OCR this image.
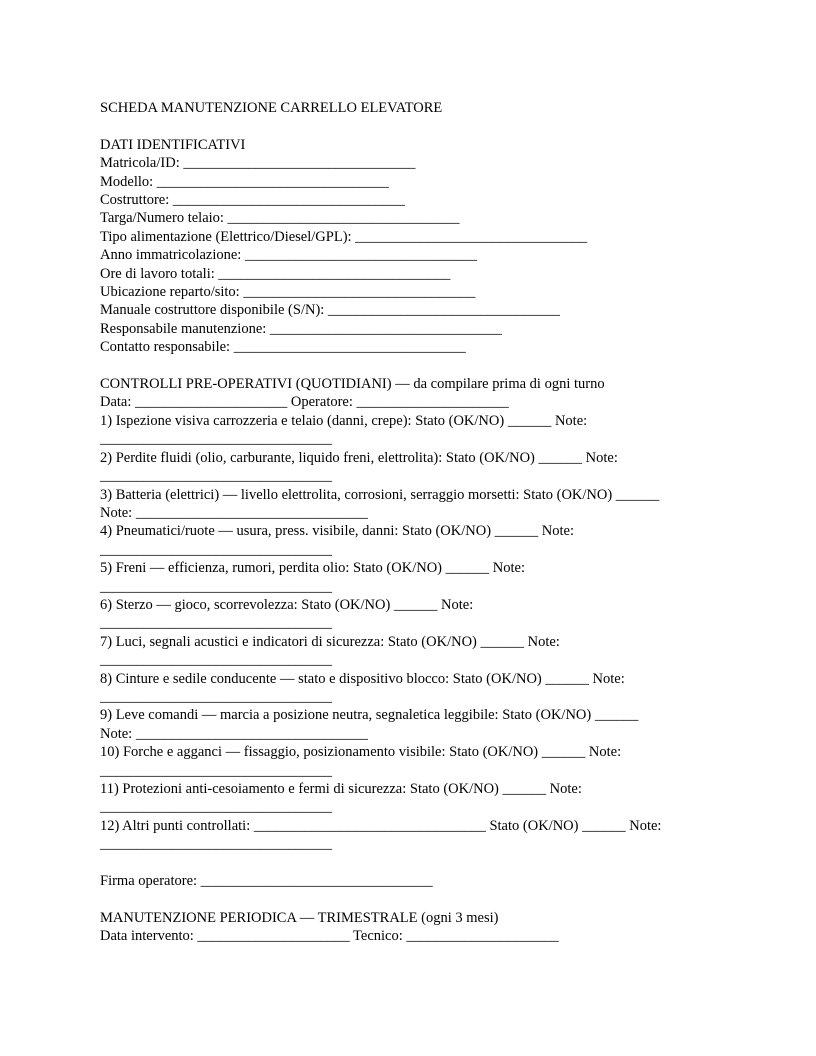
SCHEDA MANUTENZIONE CARRELLO ELEVATORE
DATI IDENTIFICATIVI
Matricola/ID: ________________________________
Modello: ________________________________
Costruttore: ________________________________
Targa/Numero telaio: ________________________________
Tipo alimentazione (Elettrico/Diesel/GPL): ________________________________
Anno immatricolazione: ________________________________
Ore di lavoro totali: ________________________________
Ubicazione reparto/sito: ________________________________
Manuale costruttore disponibile (S/N): ________________________________
Responsabile manutenzione: ________________________________
Contatto responsabile: ________________________________
CONTROLLI PRE-OPERATIVI (QUOTIDIANI) — da compilare prima di ogni turno
Data: _____________________ Operatore: _____________________
1) Ispezione visiva carrozzeria e telaio (danni, crepe): Stato (OK/NO) ______ Note:
________________________________
2) Perdite fluidi (olio, carburante, liquido freni, elettrolita): Stato (OK/NO) ______ Note:
________________________________
3) Batteria (elettrici) — livello elettrolita, corrosioni, serraggio morsetti: Stato (OK/NO) ______
Note: ________________________________
4) Pneumatici/ruote — usura, press. visibile, danni: Stato (OK/NO) ______ Note:
________________________________
5) Freni — efficienza, rumori, perdita olio: Stato (OK/NO) ______ Note:
________________________________
6) Sterzo — gioco, scorrevolezza: Stato (OK/NO) ______ Note:
________________________________
7) Luci, segnali acustici e indicatori di sicurezza: Stato (OK/NO) ______ Note:
________________________________
8) Cinture e sedile conducente — stato e dispositivo blocco: Stato (OK/NO) ______ Note:
________________________________
9) Leve comandi — marcia a posizione neutra, segnaletica leggibile: Stato (OK/NO) ______
Note: ________________________________
10) Forche e agganci — fissaggio, posizionamento visibile: Stato (OK/NO) ______ Note:
________________________________
11) Protezioni anti-cesoiamento e fermi di sicurezza: Stato (OK/NO) ______ Note:
________________________________
12) Altri punti controllati: ________________________________ Stato (OK/NO) ______ Note:
________________________________
Firma operatore: ________________________________
MANUTENZIONE PERIODICA — TRIMESTRALE (ogni 3 mesi)
Data intervento: _____________________ Tecnico: _____________________
